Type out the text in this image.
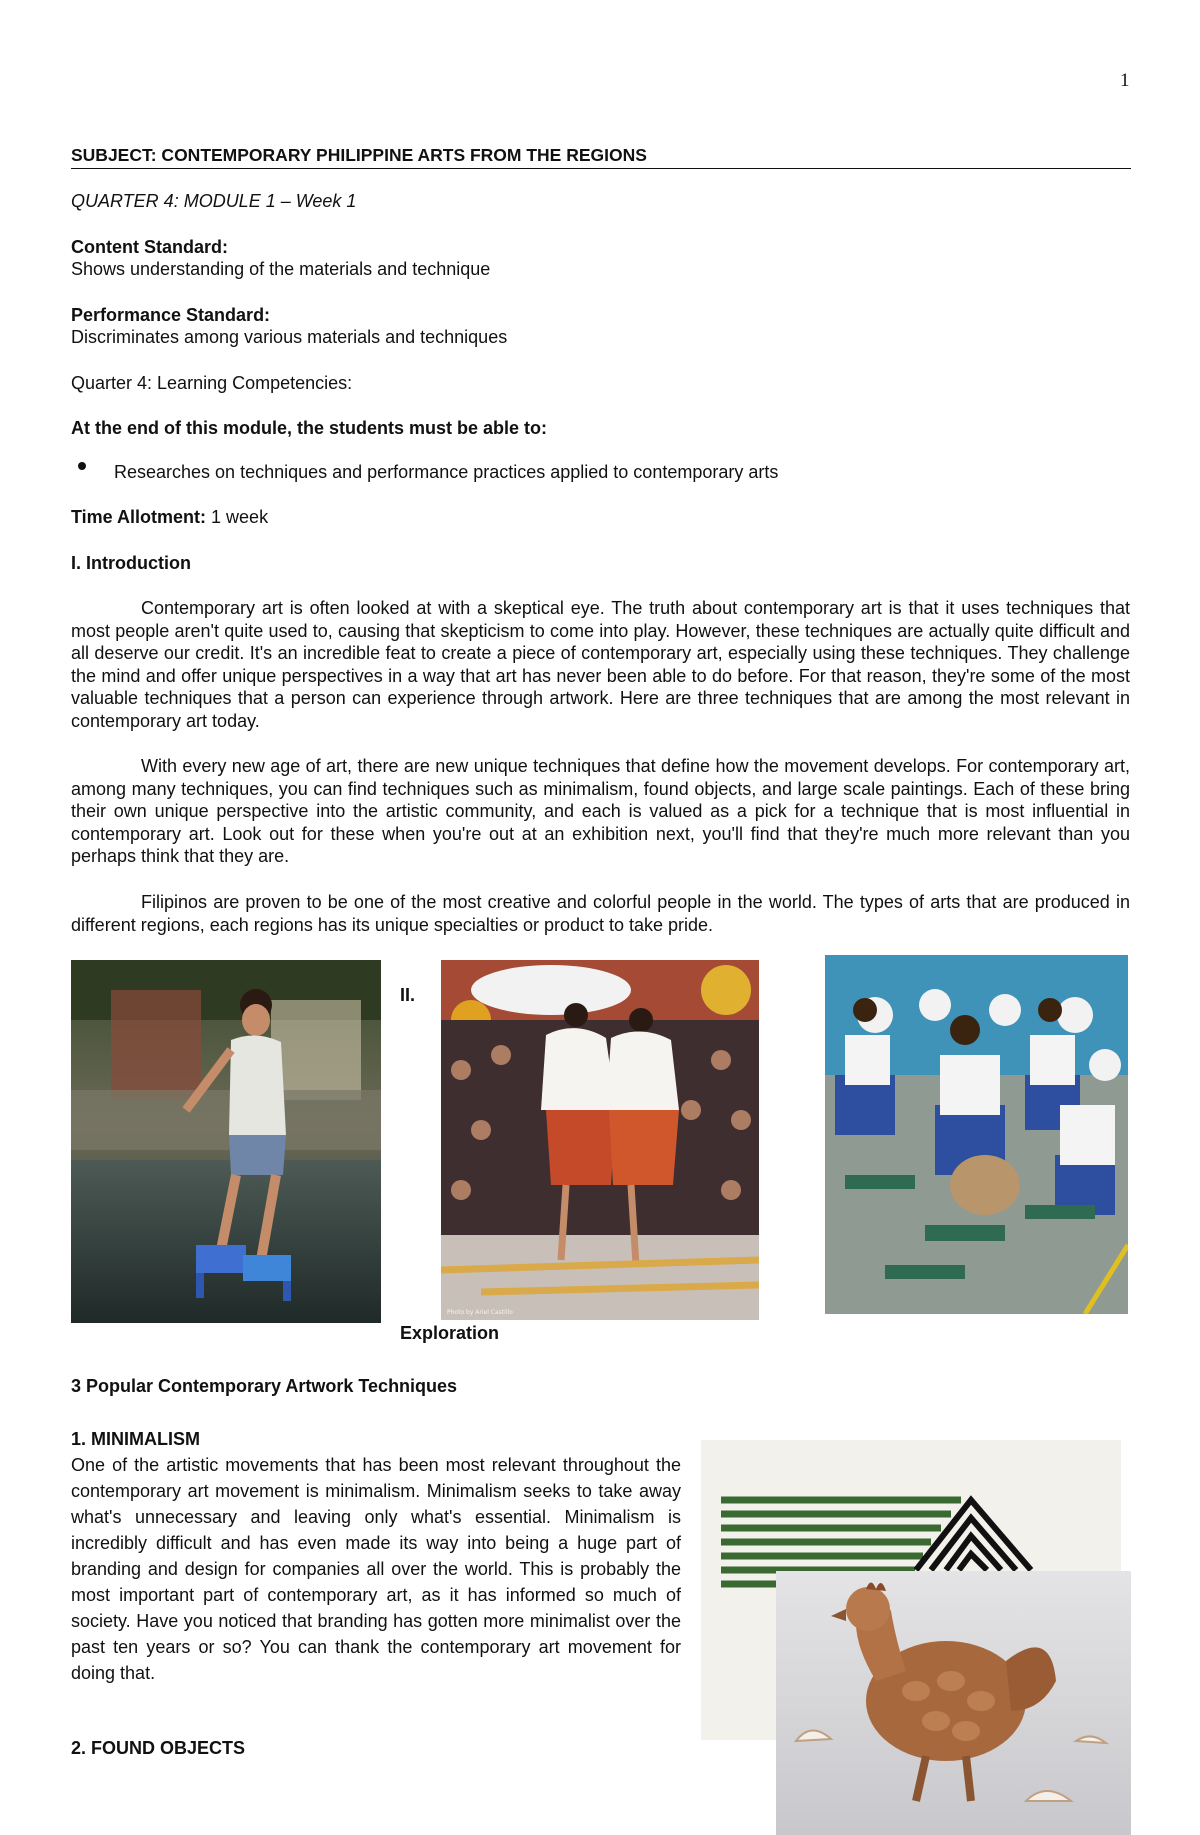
1
SUBJECT: CONTEMPORARY PHILIPPINE ARTS FROM THE REGIONS
QUARTER 4: MODULE 1 – Week 1
Content Standard:
Shows understanding of the materials and technique
Performance Standard:
Discriminates among various materials and techniques
Quarter 4: Learning Competencies:
At the end of this module, the students must be able to:
Researches on techniques and performance practices applied to contemporary arts
Time Allotment: 1 week
I. Introduction
Contemporary art is often looked at with a skeptical eye. The truth about contemporary art is that it uses techniques that most people aren't quite used to, causing that skepticism to come into play. However, these techniques are actually quite difficult and all deserve our credit. It's an incredible feat to create a piece of contemporary art, especially using these techniques. They challenge the mind and offer unique perspectives in a way that art has never been able to do before. For that reason, they're some of the most valuable techniques that a person can experience through artwork. Here are three techniques that are among the most relevant in contemporary art today.
With every new age of art, there are new unique techniques that define how the movement develops. For contemporary art, among many techniques, you can find techniques such as minimalism, found objects, and large scale paintings. Each of these bring their own unique perspective into the artistic community, and each is valued as a pick for a technique that is most influential in contemporary art. Look out for these when you're out at an exhibition next, you'll find that they're much more relevant than you perhaps think that they are.
Filipinos are proven to be one of the most creative and colorful people in the world. The types of arts that are produced in different regions, each regions has its unique specialties or product to take pride.
II.
Photo by Ariel Castillo
Exploration
3 Popular Contemporary Artwork Techniques
1. MINIMALISM
One of the artistic movements that has been most relevant throughout the contemporary art movement is minimalism. Minimalism seeks to take away what's unnecessary and leaving only what's essential. Minimalism is incredibly difficult and has even made its way into being a huge part of branding and design for companies all over the world. This is probably the most important part of contemporary art, as it has informed so much of society. Have you noticed that branding has gotten more minimalist over the past ten years or so? You can thank the contemporary art movement for doing that.
2. FOUND OBJECTS
